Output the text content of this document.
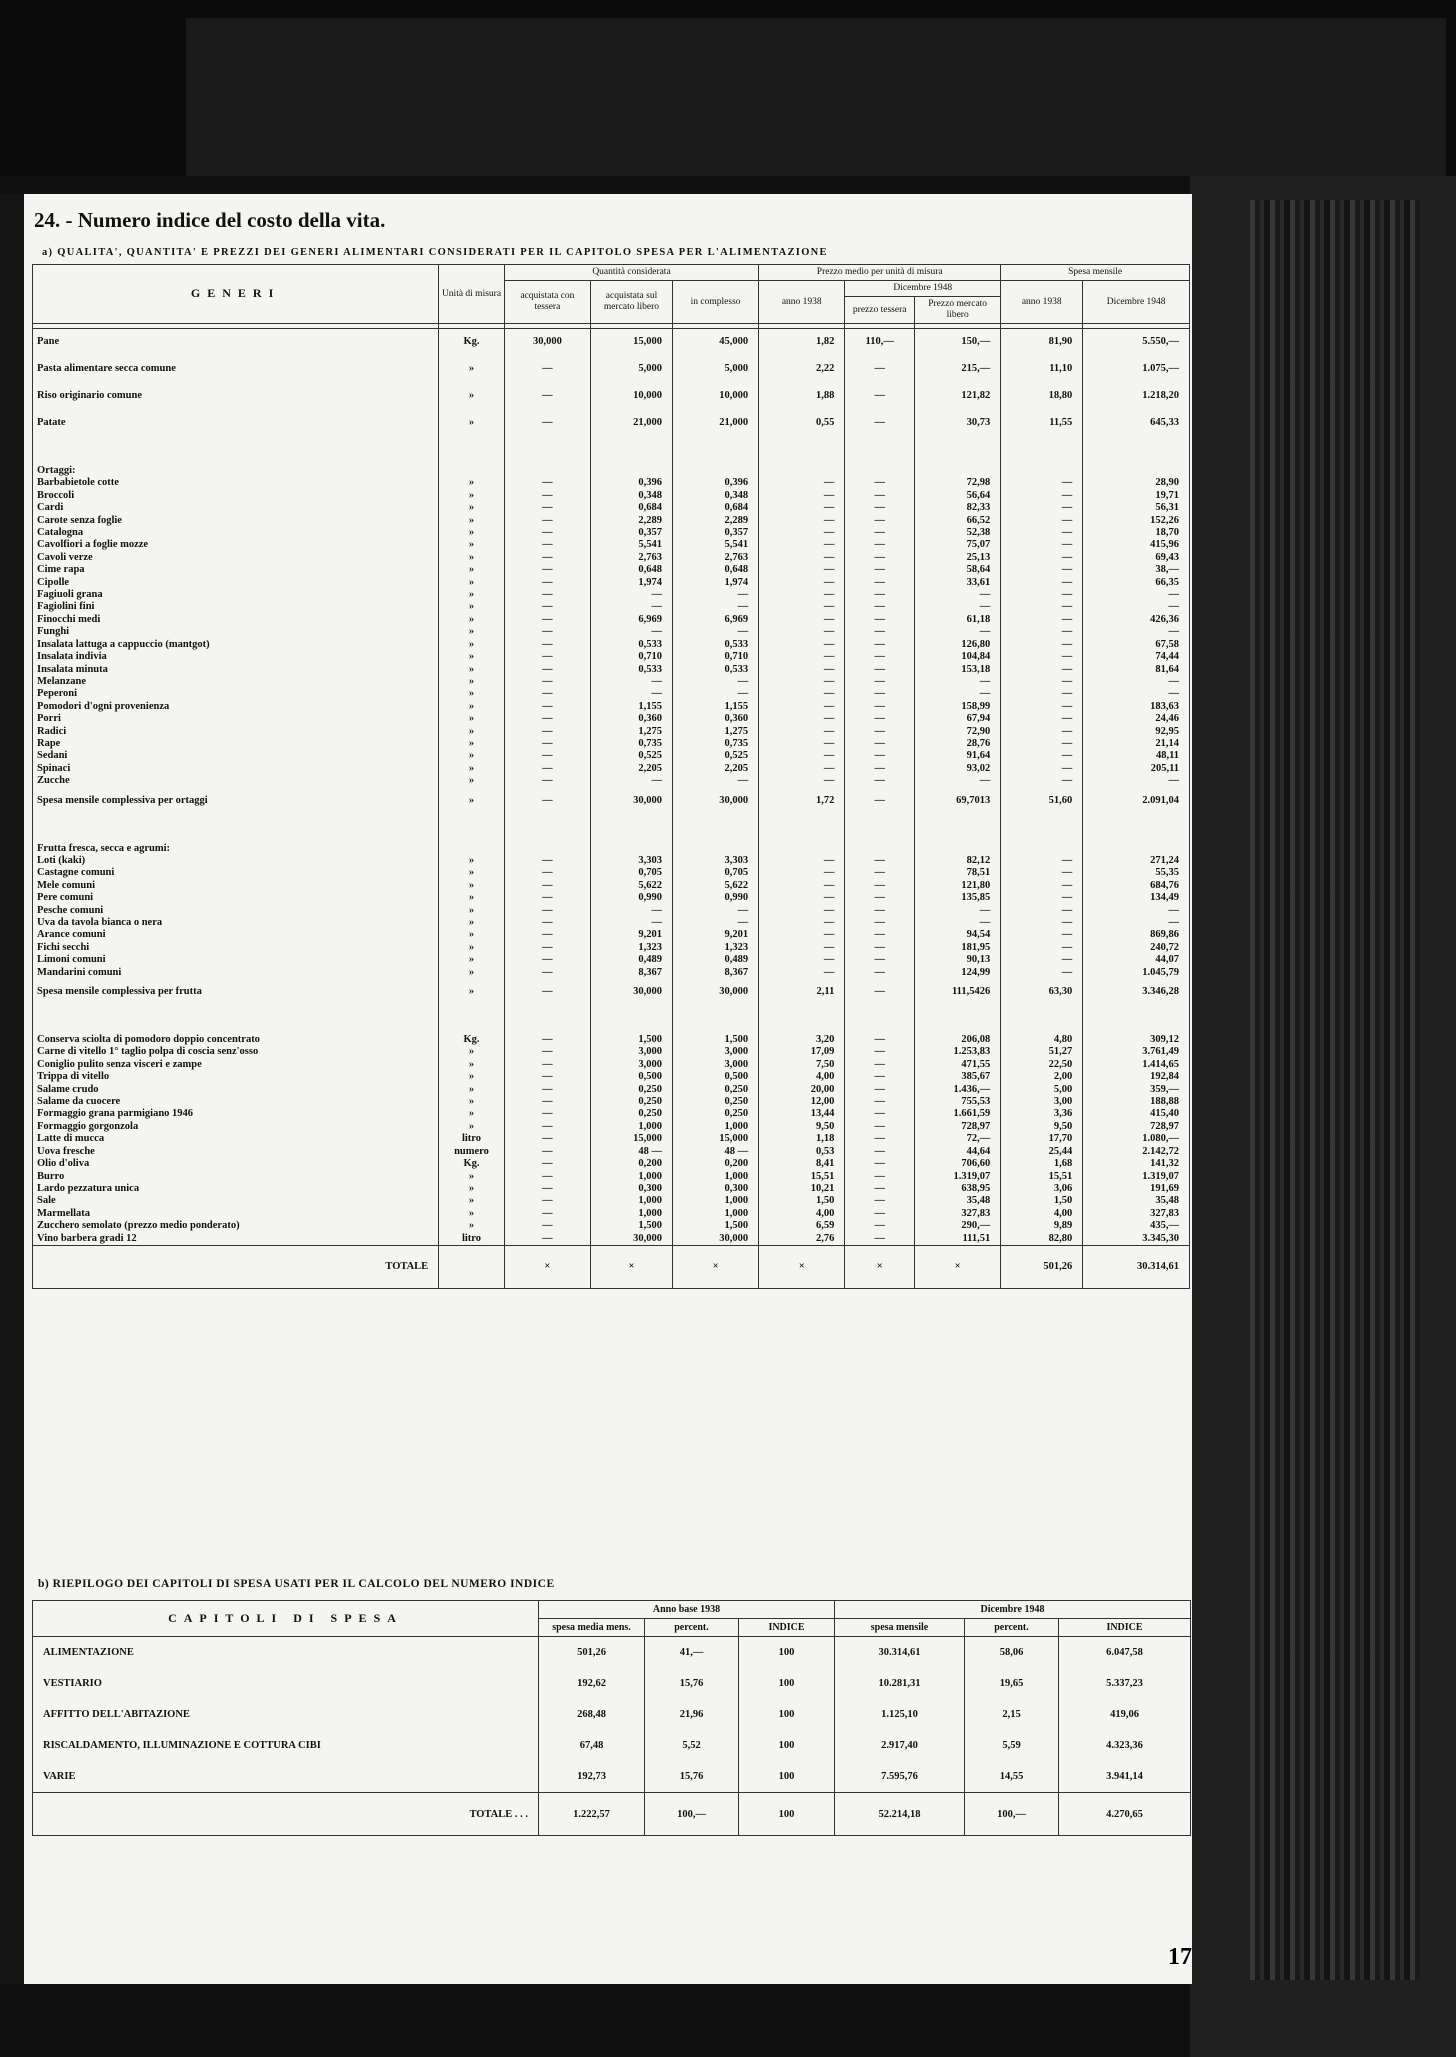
24. - Numero indice del costo della vita.
a) QUALITA', QUANTITA' E PREZZI DEI GENERI ALIMENTARI CONSIDERATI PER IL CAPITOLO SPESA PER L'ALIMENTAZIONE
GENERI	Unità di misura	Quantità considerata			Prezzo medio per unità di misura			Spesa mensile	
		acquistata con tessera	acquistata sul mercato libero	in complesso	anno 1938	Dicembre 1948		anno 1938	Dicembre 1948
						prezzo tessera	Prezzo mercato libero		

Pane	Kg.	30,000	15,000	45,000	1,82	110,—	150,—	81,90	5.550,—
Pasta alimentare secca comune	»	—	5,000	5,000	2,22	—	215,—	11,10	1.075,—
Riso originario comune	»	—	10,000	10,000	1,88	—	121,82	18,80	1.218,20
Patate	»	—	21,000	21,000	0,55	—	30,73	11,55	645,33

Ortaggi:									
Barbabietole cotte	»	—	0,396	0,396	—	—	72,98	—	28,90
Broccoli	»	—	0,348	0,348	—	—	56,64	—	19,71
Cardi	»	—	0,684	0,684	—	—	82,33	—	56,31
Carote senza foglie	»	—	2,289	2,289	—	—	66,52	—	152,26
Catalogna	»	—	0,357	0,357	—	—	52,38	—	18,70
Cavolfiori a foglie mozze	»	—	5,541	5,541	—	—	75,07	—	415,96
Cavoli verze	»	—	2,763	2,763	—	—	25,13	—	69,43
Cime rapa	»	—	0,648	0,648	—	—	58,64	—	38,—
Cipolle	»	—	1,974	1,974	—	—	33,61	—	66,35
Fagiuoli grana	»	—	—	—	—	—	—	—	—
Fagiolini fini	»	—	—	—	—	—	—	—	—
Finocchi medi	»	—	6,969	6,969	—	—	61,18	—	426,36
Funghi	»	—	—	—	—	—	—	—	—
Insalata lattuga a cappuccio (mantgot)	»	—	0,533	0,533	—	—	126,80	—	67,58
Insalata indivia	»	—	0,710	0,710	—	—	104,84	—	74,44
Insalata minuta	»	—	0,533	0,533	—	—	153,18	—	81,64
Melanzane	»	—	—	—	—	—	—	—	—
Peperoni	»	—	—	—	—	—	—	—	—
Pomodori d'ogni provenienza	»	—	1,155	1,155	—	—	158,99	—	183,63
Porri	»	—	0,360	0,360	—	—	67,94	—	24,46
Radici	»	—	1,275	1,275	—	—	72,90	—	92,95
Rape	»	—	0,735	0,735	—	—	28,76	—	21,14
Sedani	»	—	0,525	0,525	—	—	91,64	—	48,11
Spinaci	»	—	2,205	2,205	—	—	93,02	—	205,11
Zucche	»	—	—	—	—	—	—	—	—
Spesa mensile complessiva per ortaggi	»	—	30,000	30,000	1,72	—	69,7013	51,60	2.091,04

Frutta fresca, secca e agrumi:									
Loti (kaki)	»	—	3,303	3,303	—	—	82,12	—	271,24
Castagne comuni	»	—	0,705	0,705	—	—	78,51	—	55,35
Mele comuni	»	—	5,622	5,622	—	—	121,80	—	684,76
Pere comuni	»	—	0,990	0,990	—	—	135,85	—	134,49
Pesche comuni	»	—	—	—	—	—	—	—	—
Uva da tavola bianca o nera	»	—	—	—	—	—	—	—	—
Arance comuni	»	—	9,201	9,201	—	—	94,54	—	869,86
Fichi secchi	»	—	1,323	1,323	—	—	181,95	—	240,72
Limoni comuni	»	—	0,489	0,489	—	—	90,13	—	44,07
Mandarini comuni	»	—	8,367	8,367	—	—	124,99	—	1.045,79
Spesa mensile complessiva per frutta	»	—	30,000	30,000	2,11	—	111,5426	63,30	3.346,28

Conserva sciolta di pomodoro doppio concentrato	Kg.	—	1,500	1,500	3,20	—	206,08	4,80	309,12
Carne di vitello 1° taglio polpa di coscia senz'osso	»	—	3,000	3,000	17,09	—	1.253,83	51,27	3.761,49
Coniglio pulito senza visceri e zampe	»	—	3,000	3,000	7,50	—	471,55	22,50	1.414,65
Trippa di vitello	»	—	0,500	0,500	4,00	—	385,67	2,00	192,84
Salame crudo	»	—	0,250	0,250	20,00	—	1.436,—	5,00	359,—
Salame da cuocere	»	—	0,250	0,250	12,00	—	755,53	3,00	188,88
Formaggio grana parmigiano 1946	»	—	0,250	0,250	13,44	—	1.661,59	3,36	415,40
Formaggio gorgonzola	»	—	1,000	1,000	9,50	—	728,97	9,50	728,97
Latte di mucca	litro	—	15,000	15,000	1,18	—	72,—	17,70	1.080,—
Uova fresche	numero	—	48 —	48 —	0,53	—	44,64	25,44	2.142,72
Olio d'oliva	Kg.	—	0,200	0,200	8,41	—	706,60	1,68	141,32
Burro	»	—	1,000	1,000	15,51	—	1.319,07	15,51	1.319,07
Lardo pezzatura unica	»	—	0,300	0,300	10,21	—	638,95	3,06	191,69
Sale	»	—	1,000	1,000	1,50	—	35,48	1,50	35,48
Marmellata	»	—	1,000	1,000	4,00	—	327,83	4,00	327,83
Zucchero semolato (prezzo medio ponderato)	»	—	1,500	1,500	6,59	—	290,—	9,89	435,—
Vino barbera gradi 12	litro	—	30,000	30,000	2,76	—	111,51	82,80	3.345,30
TOTALE		×	×	×	×	×	×	501,26	30.314,61
b) RIEPILOGO DEI CAPITOLI DI SPESA USATI PER IL CALCOLO DEL NUMERO INDICE
CAPITOLI DI SPESA	Anno base 1938			Dicembre 1948		
	spesa media mens.	percent.	INDICE	spesa mensile	percent.	INDICE
ALIMENTAZIONE	501,26	41,—	100	30.314,61	58,06	6.047,58
VESTIARIO	192,62	15,76	100	10.281,31	19,65	5.337,23
AFFITTO DELL'ABITAZIONE	268,48	21,96	100	1.125,10	2,15	419,06
RISCALDAMENTO, ILLUMINAZIONE E COTTURA CIBI	67,48	5,52	100	2.917,40	5,59	4.323,36
VARIE	192,73	15,76	100	7.595,76	14,55	3.941,14
TOTALE . . .	1.222,57	100,—	100	52.214,18	100,—	4.270,65
17
